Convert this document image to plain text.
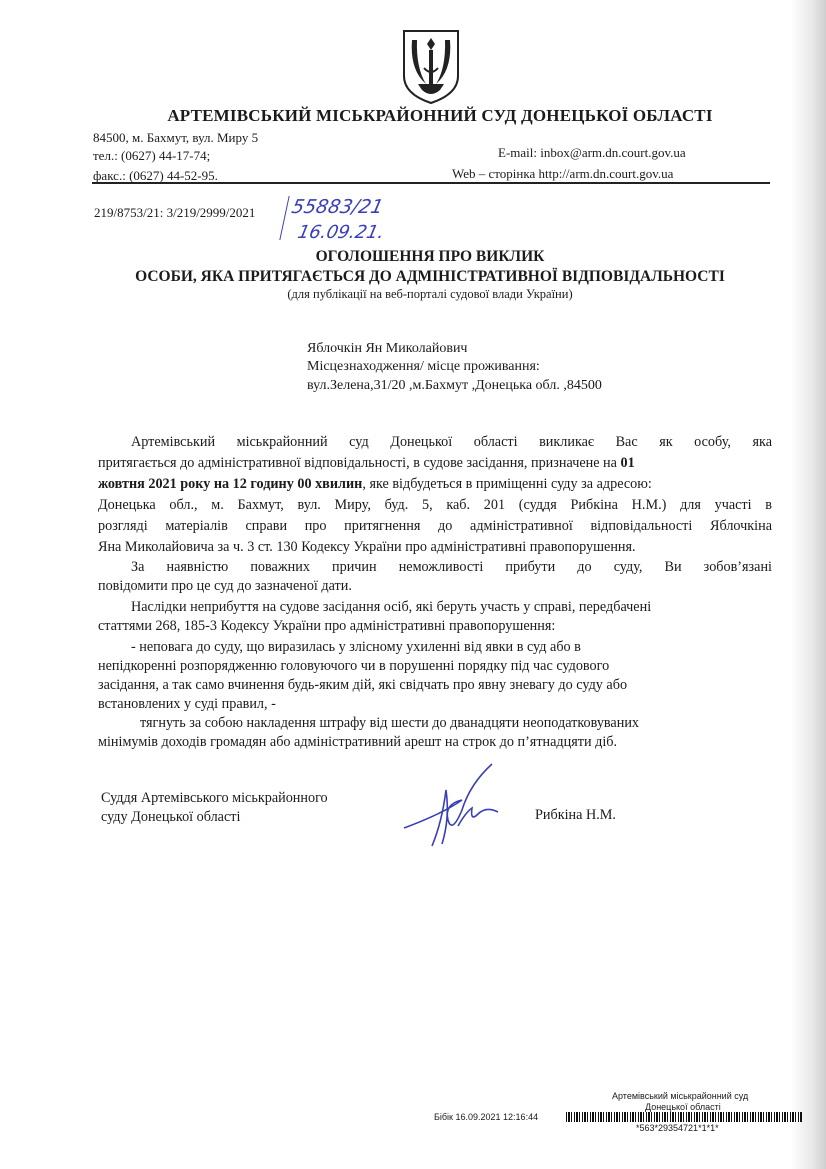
АРТЕМІВСЬКИЙ МІСЬКРАЙОННИЙ СУД ДОНЕЦЬКОЇ ОБЛАСТІ
84500, м. Бахмут, вул. Миру 5
тел.: (0627) 44-17-74;
факс.: (0627) 44-52-95.
E-mail: inbox@arm.dn.court.gov.ua
Web – сторінка http://arm.dn.court.gov.ua
219/8753/21: 3/219/2999/2021 55883/21
16.09.21.
ОГОЛОШЕННЯ ПРО ВИКЛИК
ОСОБИ, ЯКА ПРИТЯГАЄТЬСЯ ДО АДМІНІСТРАТИВНОЇ ВІДПОВІДАЛЬНОСТІ
(для публікації на веб-порталі судової влади України)
Яблочкін Ян Миколайович
Місцезнаходження/ місце проживання:
вул.Зелена,31/20 ,м.Бахмут ,Донецька обл. ,84500
Артемівський міськрайонний суд Донецької області викликає Вас як особу, яка
притягається до адміністративної відповідальності, в судове засідання, призначене на 01
жовтня 2021 року на 12 годину 00 хвилин, яке відбудеться в приміщенні суду за адресою:
Донецька обл., м. Бахмут, вул. Миру, буд. 5, каб. 201 (суддя Рибкіна Н.М.) для участі в
розгляді матеріалів справи про притягнення до адміністративної відповідальності Яблочкіна
Яна Миколайовича за ч. 3 ст. 130 Кодексу України про адміністративні правопорушення.
За наявністю поважних причин неможливості прибути до суду, Ви зобов’язані
повідомити про це суд до зазначеної дати.
Наслідки неприбуття на судове засідання осіб, які беруть участь у справі, передбачені
статтями 268, 185-3 Кодексу України про адміністративні правопорушення:
- неповага до суду, що виразилась у злісному ухиленні від явки в суд або в
непідкоренні розпорядженню головуючого чи в порушенні порядку під час судового
засідання, а так само вчинення будь-яким дій, які свідчать про явну зневагу до суду або
встановлених у суді правил, -
тягнуть за собою накладення штрафу від шести до дванадцяти неоподатковуваних
мінімумів доходів громадян або адміністративний арешт на строк до п’ятнадцяти діб.
Суддя Артемівського міськрайонного
суду Донецької області	Рибкіна Н.М.
Артемівський міськрайонний суд
Донецької області
Бібік 16.09.2021 12:16:44
*563*29354721*1*1*
